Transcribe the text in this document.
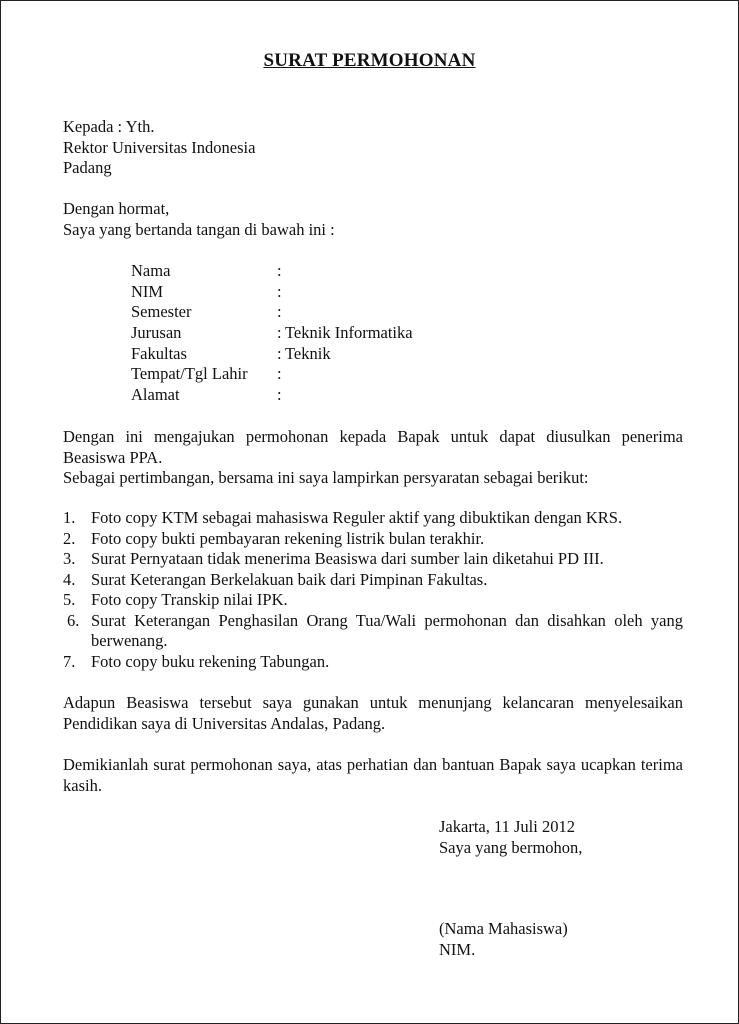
SURAT PERMOHONAN
Kepada : Yth.
Rektor Universitas Indonesia
Padang
Dengan hormat,
Saya yang bertanda tangan di bawah ini :
Nama	:
NIM	:
Semester	:
Jurusan	: Teknik Informatika
Fakultas	: Teknik
Tempat/Tgl Lahir	:
Alamat	:
Dengan ini mengajukan permohonan kepada Bapak untuk dapat diusulkan penerima Beasiswa PPA.
Sebagai pertimbangan, bersama ini saya lampirkan persyaratan sebagai berikut:
1. Foto copy KTM sebagai mahasiswa Reguler aktif yang dibuktikan dengan KRS.
2. Foto copy bukti pembayaran rekening listrik bulan terakhir.
3. Surat Pernyataan tidak menerima Beasiswa dari sumber lain diketahui PD III.
4. Surat Keterangan Berkelakuan baik dari Pimpinan Fakultas.
5. Foto copy Transkip nilai IPK.
6. Surat Keterangan Penghasilan Orang Tua/Wali permohonan dan disahkan oleh yang berwenang.
7. Foto copy buku rekening Tabungan.
Adapun Beasiswa tersebut saya gunakan untuk menunjang kelancaran menyelesaikan Pendidikan saya di Universitas Andalas, Padang.
Demikianlah surat permohonan saya, atas perhatian dan bantuan Bapak saya ucapkan terima kasih.
Jakarta, 11 Juli 2012
Saya yang bermohon,
(Nama Mahasiswa)
NIM.
